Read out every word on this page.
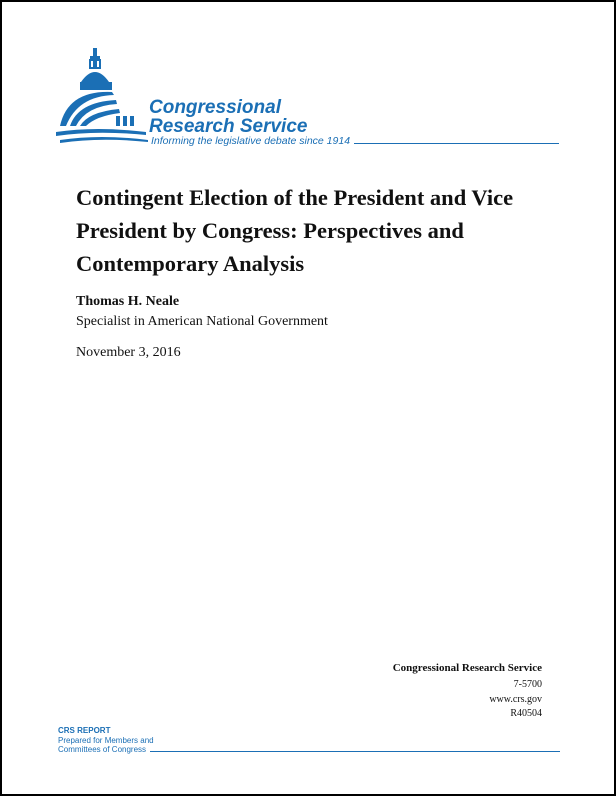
Congressional
Research Service
Informing the legislative debate since 1914
Contingent Election of the President and Vice President by Congress: Perspectives and Contemporary Analysis
Thomas H. Neale
Specialist in American National Government
November 3, 2016
Congressional Research Service
7-5700
www.crs.gov
R40504
CRS REPORT
Prepared for Members and
Committees of Congress
